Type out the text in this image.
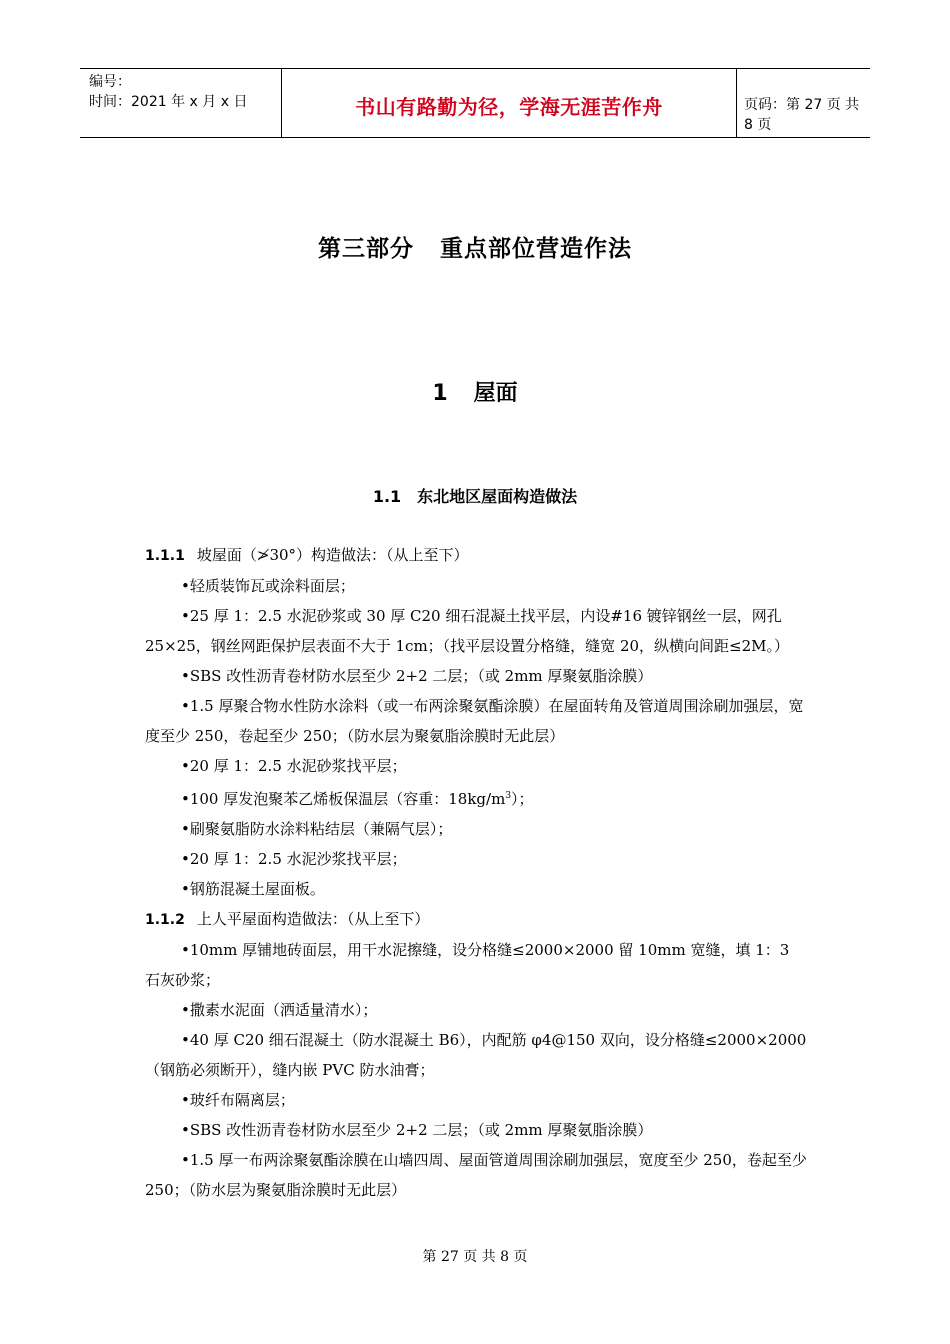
编号：
时间：2021 年 x 月 x 日	书山有路勤为径，学海无涯苦作舟	页码：第 27 页 共 8 页
第三部分 重点部位营造作法
1 屋面
1.1 东北地区屋面构造做法

1.1.1 坡屋面（≯30°）构造做法：（从上至下）

•轻质装饰瓦或涂料面层；

•25 厚 1：2.5 水泥砂浆或 30 厚 C20 细石混凝土找平层，内设#16 镀锌钢丝一层，网孔 25×25，钢丝网距保护层表面不大于 1cm；（找平层设置分格缝，缝宽 20，纵横向间距≤2M。）

•SBS 改性沥青卷材防水层至少 2+2 二层；（或 2mm 厚聚氨脂涂膜）

•1.5 厚聚合物水性防水涂料（或一布两涂聚氨酯涂膜）在屋面转角及管道周围涂刷加强层，宽度至少 250，卷起至少 250；（防水层为聚氨脂涂膜时无此层）

•20 厚 1：2.5 水泥砂浆找平层；

•100 厚发泡聚苯乙烯板保温层（容重：$18kg/m^3$）；

•刷聚氨脂防水涂料粘结层（兼隔气层）；

•20 厚 1：2.5 水泥沙浆找平层；

•钢筋混凝土屋面板。

1.1.2 上人平屋面构造做法：（从上至下）

•10mm 厚铺地砖面层，用干水泥擦缝，设分格缝≤2000×2000 留 10mm 宽缝，填 1：3 石灰砂浆；

•撒素水泥面（洒适量清水）；

•40 厚 C20 细石混凝土（防水混凝土 B6），内配筋 φ4@150 双向，设分格缝≤2000×2000（钢筋必须断开），缝内嵌 PVC 防水油膏；

•玻纤布隔离层；

•SBS 改性沥青卷材防水层至少 2+2 二层；（或 2mm 厚聚氨脂涂膜）

•1.5 厚一布两涂聚氨酯涂膜在山墙四周、屋面管道周围涂刷加强层，宽度至少 250，卷起至少 250；（防水层为聚氨脂涂膜时无此层）

第 27 页 共 8 页
